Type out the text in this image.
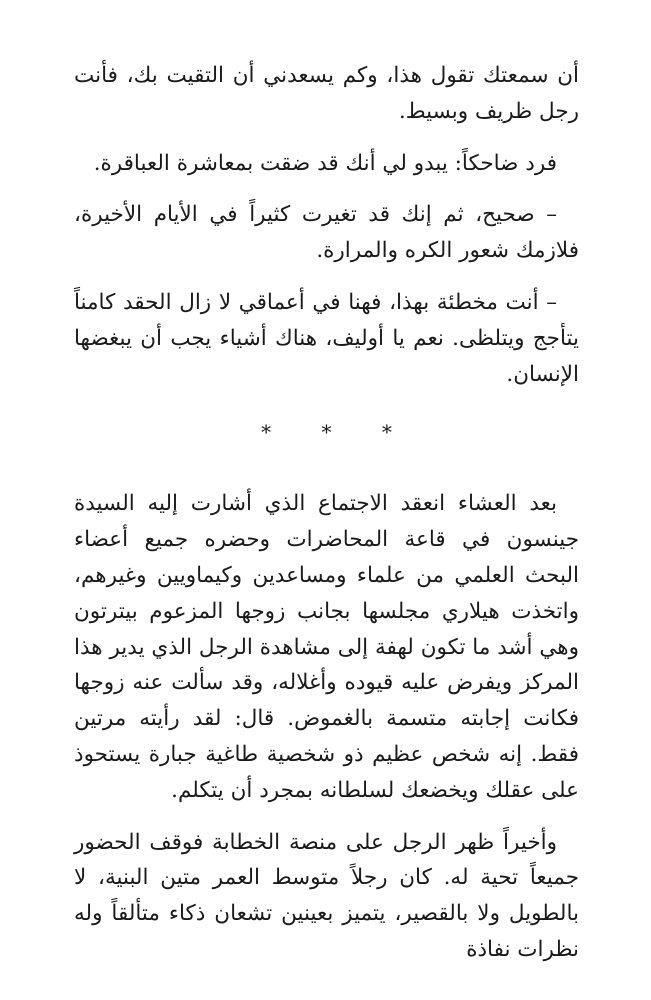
أن سمعتك تقول هذا، وكم يسعدني أن التقيت بك، فأنت رجل ظريف وبسيط.

فرد ضاحكاً: يبدو لي أنك قد ضقت بمعاشرة العباقرة.

– صحيح، ثم إنك قد تغيرت كثيراً في الأيام الأخيرة، فلازمك شعور الكره والمرارة.

– أنت مخطئة بهذا، فهنا في أعماقي لا زال الحقد كامناً يتأجج ويتلظى. نعم يا أوليف، هناك أشياء يجب أن يبغضها الإنسان.

* * *

بعد العشاء انعقد الاجتماع الذي أشارت إليه السيدة جينسون في قاعة المحاضرات وحضره جميع أعضاء البحث العلمي من علماء ومساعدين وكيماويين وغيرهم، واتخذت هيلاري مجلسها بجانب زوجها المزعوم بيترتون وهي أشد ما تكون لهفة إلى مشاهدة الرجل الذي يدير هذا المركز ويفرض عليه قيوده وأغلاله، وقد سألت عنه زوجها فكانت إجابته متسمة بالغموض. قال: لقد رأيته مرتين فقط. إنه شخص عظيم ذو شخصية طاغية جبارة يستحوذ على عقلك ويخضعك لسلطانه بمجرد أن يتكلم.

وأخيراً ظهر الرجل على منصة الخطابة فوقف الحضور جميعاً تحية له. كان رجلاً متوسط العمر متين البنية، لا بالطويل ولا بالقصير، يتميز بعينين تشعان ذكاء متألقاً وله نظرات نفاذة
